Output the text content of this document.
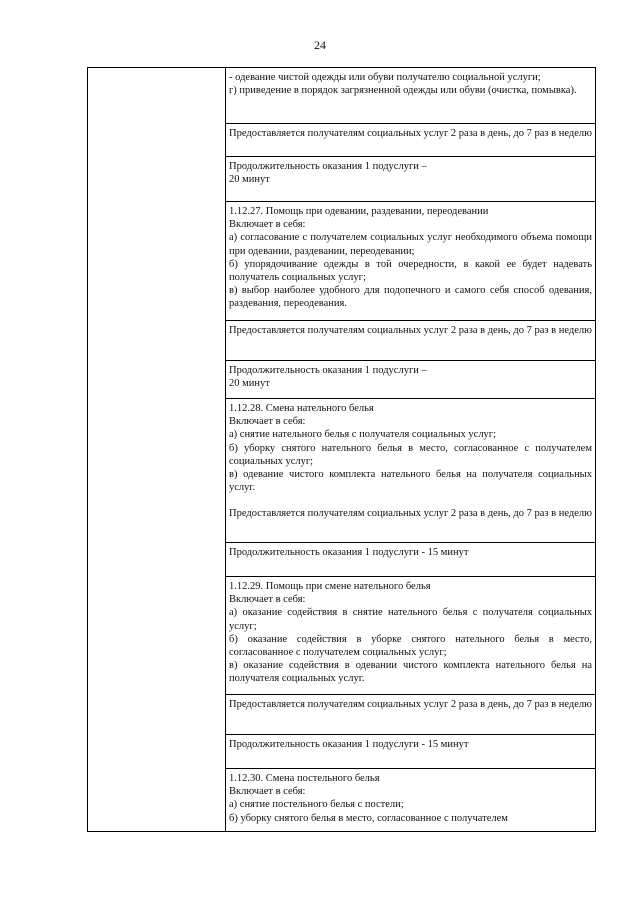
24

- одевание чистой одежды или обуви получателю социальной услуги;
г) приведение в порядок загрязненной одежды или обуви (очистка, помывка).

Предоставляется получателям социальных услуг 2 раза в день, до 7 раз в неделю

Продолжительность оказания 1 подуслуги –
20 минут

1.12.27. Помощь при одевании, раздевании, переодевании
Включает в себя:
а) согласование с получателем социальных услуг необходимого объема помощи при одевании, раздевании, переодевании;
б) упорядочивание одежды в той очередности, в какой ее будет надевать получатель социальных услуг;
в) выбор наиболее удобного для подопечного и самого себя способ одевания, раздевания, переодевания.

Предоставляется получателям социальных услуг 2 раза в день, до 7 раз в неделю

Продолжительность оказания 1 подуслуги –
20 минут

1.12.28. Смена нательного белья
Включает в себя:
а) снятие нательного белья с получателя социальных услуг;
б) уборку снятого нательного белья в место, согласованное с получателем социальных услуг;
в) одевание чистого комплекта нательного белья на получателя социальных услуг.
Предоставляется получателям социальных услуг 2 раза в день, до 7 раз в неделю

Продолжительность оказания 1 подуслуги - 15 минут

1.12.29. Помощь при смене нательного белья
Включает в себя:
а) оказание содействия в снятие нательного белья с получателя социальных услуг;
б) оказание содействия в уборке снятого нательного белья в место, согласованное с получателем социальных услуг;
в) оказание содействия в одевании чистого комплекта нательного белья на получателя социальных услуг.

Предоставляется получателям социальных услуг 2 раза в день, до 7 раз в неделю

Продолжительность оказания 1 подуслуги - 15 минут

1.12.30. Смена постельного белья
Включает в себя:
а) снятие постельного белья с постели;
б) уборку снятого белья в место, согласованное с получателем
